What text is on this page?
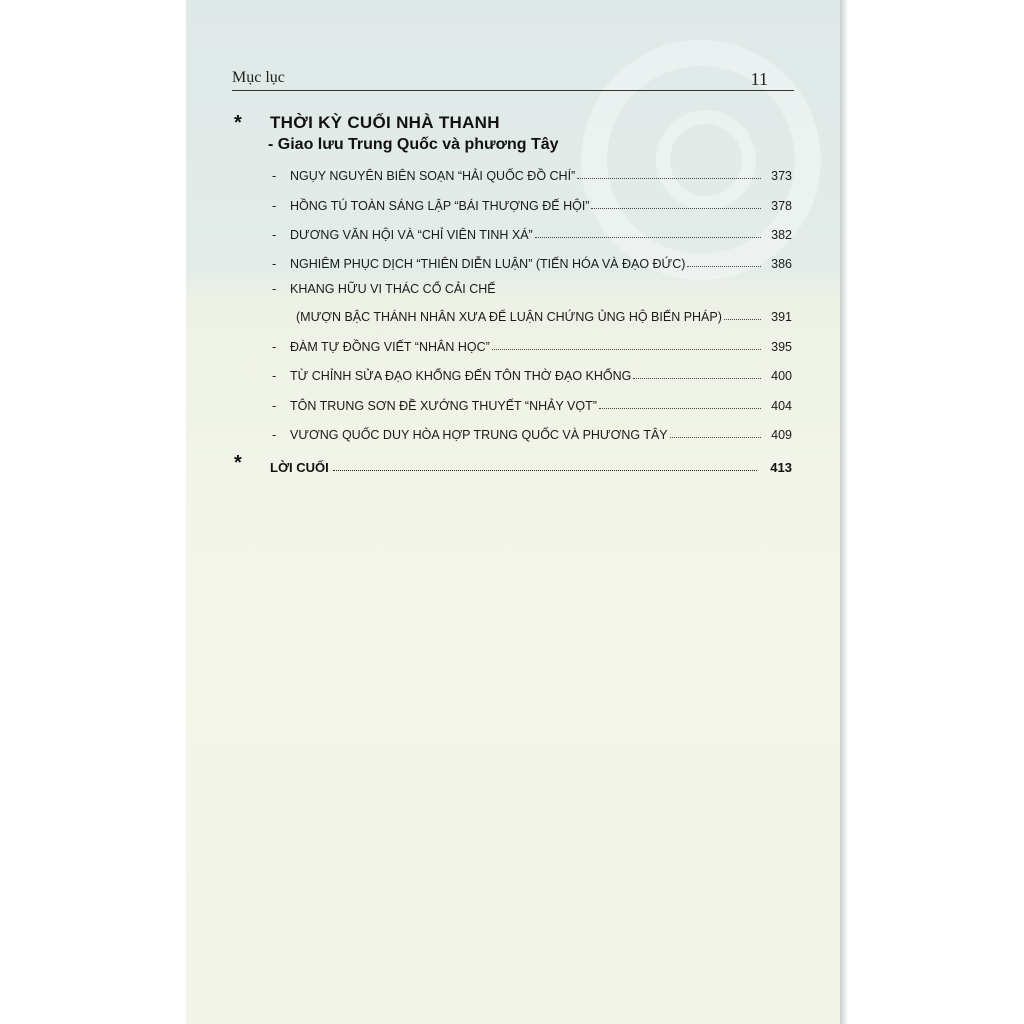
Mục lục	11
* THỜI KỲ CUỐI NHÀ THANH
- Giao lưu Trung Quốc và phương Tây
-	NGỤY NGUYÊN BIÊN SOẠN “HẢI QUỐC ĐỒ CHÍ”	373
-	HỒNG TÚ TOÀN SÁNG LẬP “BÁI THƯỢNG ĐẾ HỘI”	378
-	DƯƠNG VĂN HỘI VÀ “CHỈ VIÊN TINH XÁ”	382
-	NGHIÊM PHỤC DỊCH “THIÊN DIỄN LUẬN” (TIẾN HÓA VÀ ĐẠO ĐỨC)	386
- KHANG HỮU VI THÁC CỔ CẢI CHẾ
(MƯỢN BẬC THÁNH NHÂN XƯA ĐỂ LUẬN CHỨNG ỦNG HỘ BIẾN PHÁP)	391
-	ĐÀM TỰ ĐỒNG VIẾT “NHÂN HỌC”	395
-	TỪ CHỈNH SỬA ĐẠO KHỔNG ĐẾN TÔN THỜ ĐẠO KHỔNG	400
-	TÔN TRUNG SƠN ĐỀ XƯỚNG THUYẾT “NHẢY VỌT”	404
-	VƯƠNG QUỐC DUY HÒA HỢP TRUNG QUỐC VÀ PHƯƠNG TÂY	409
* LỜI CUỐI	413
